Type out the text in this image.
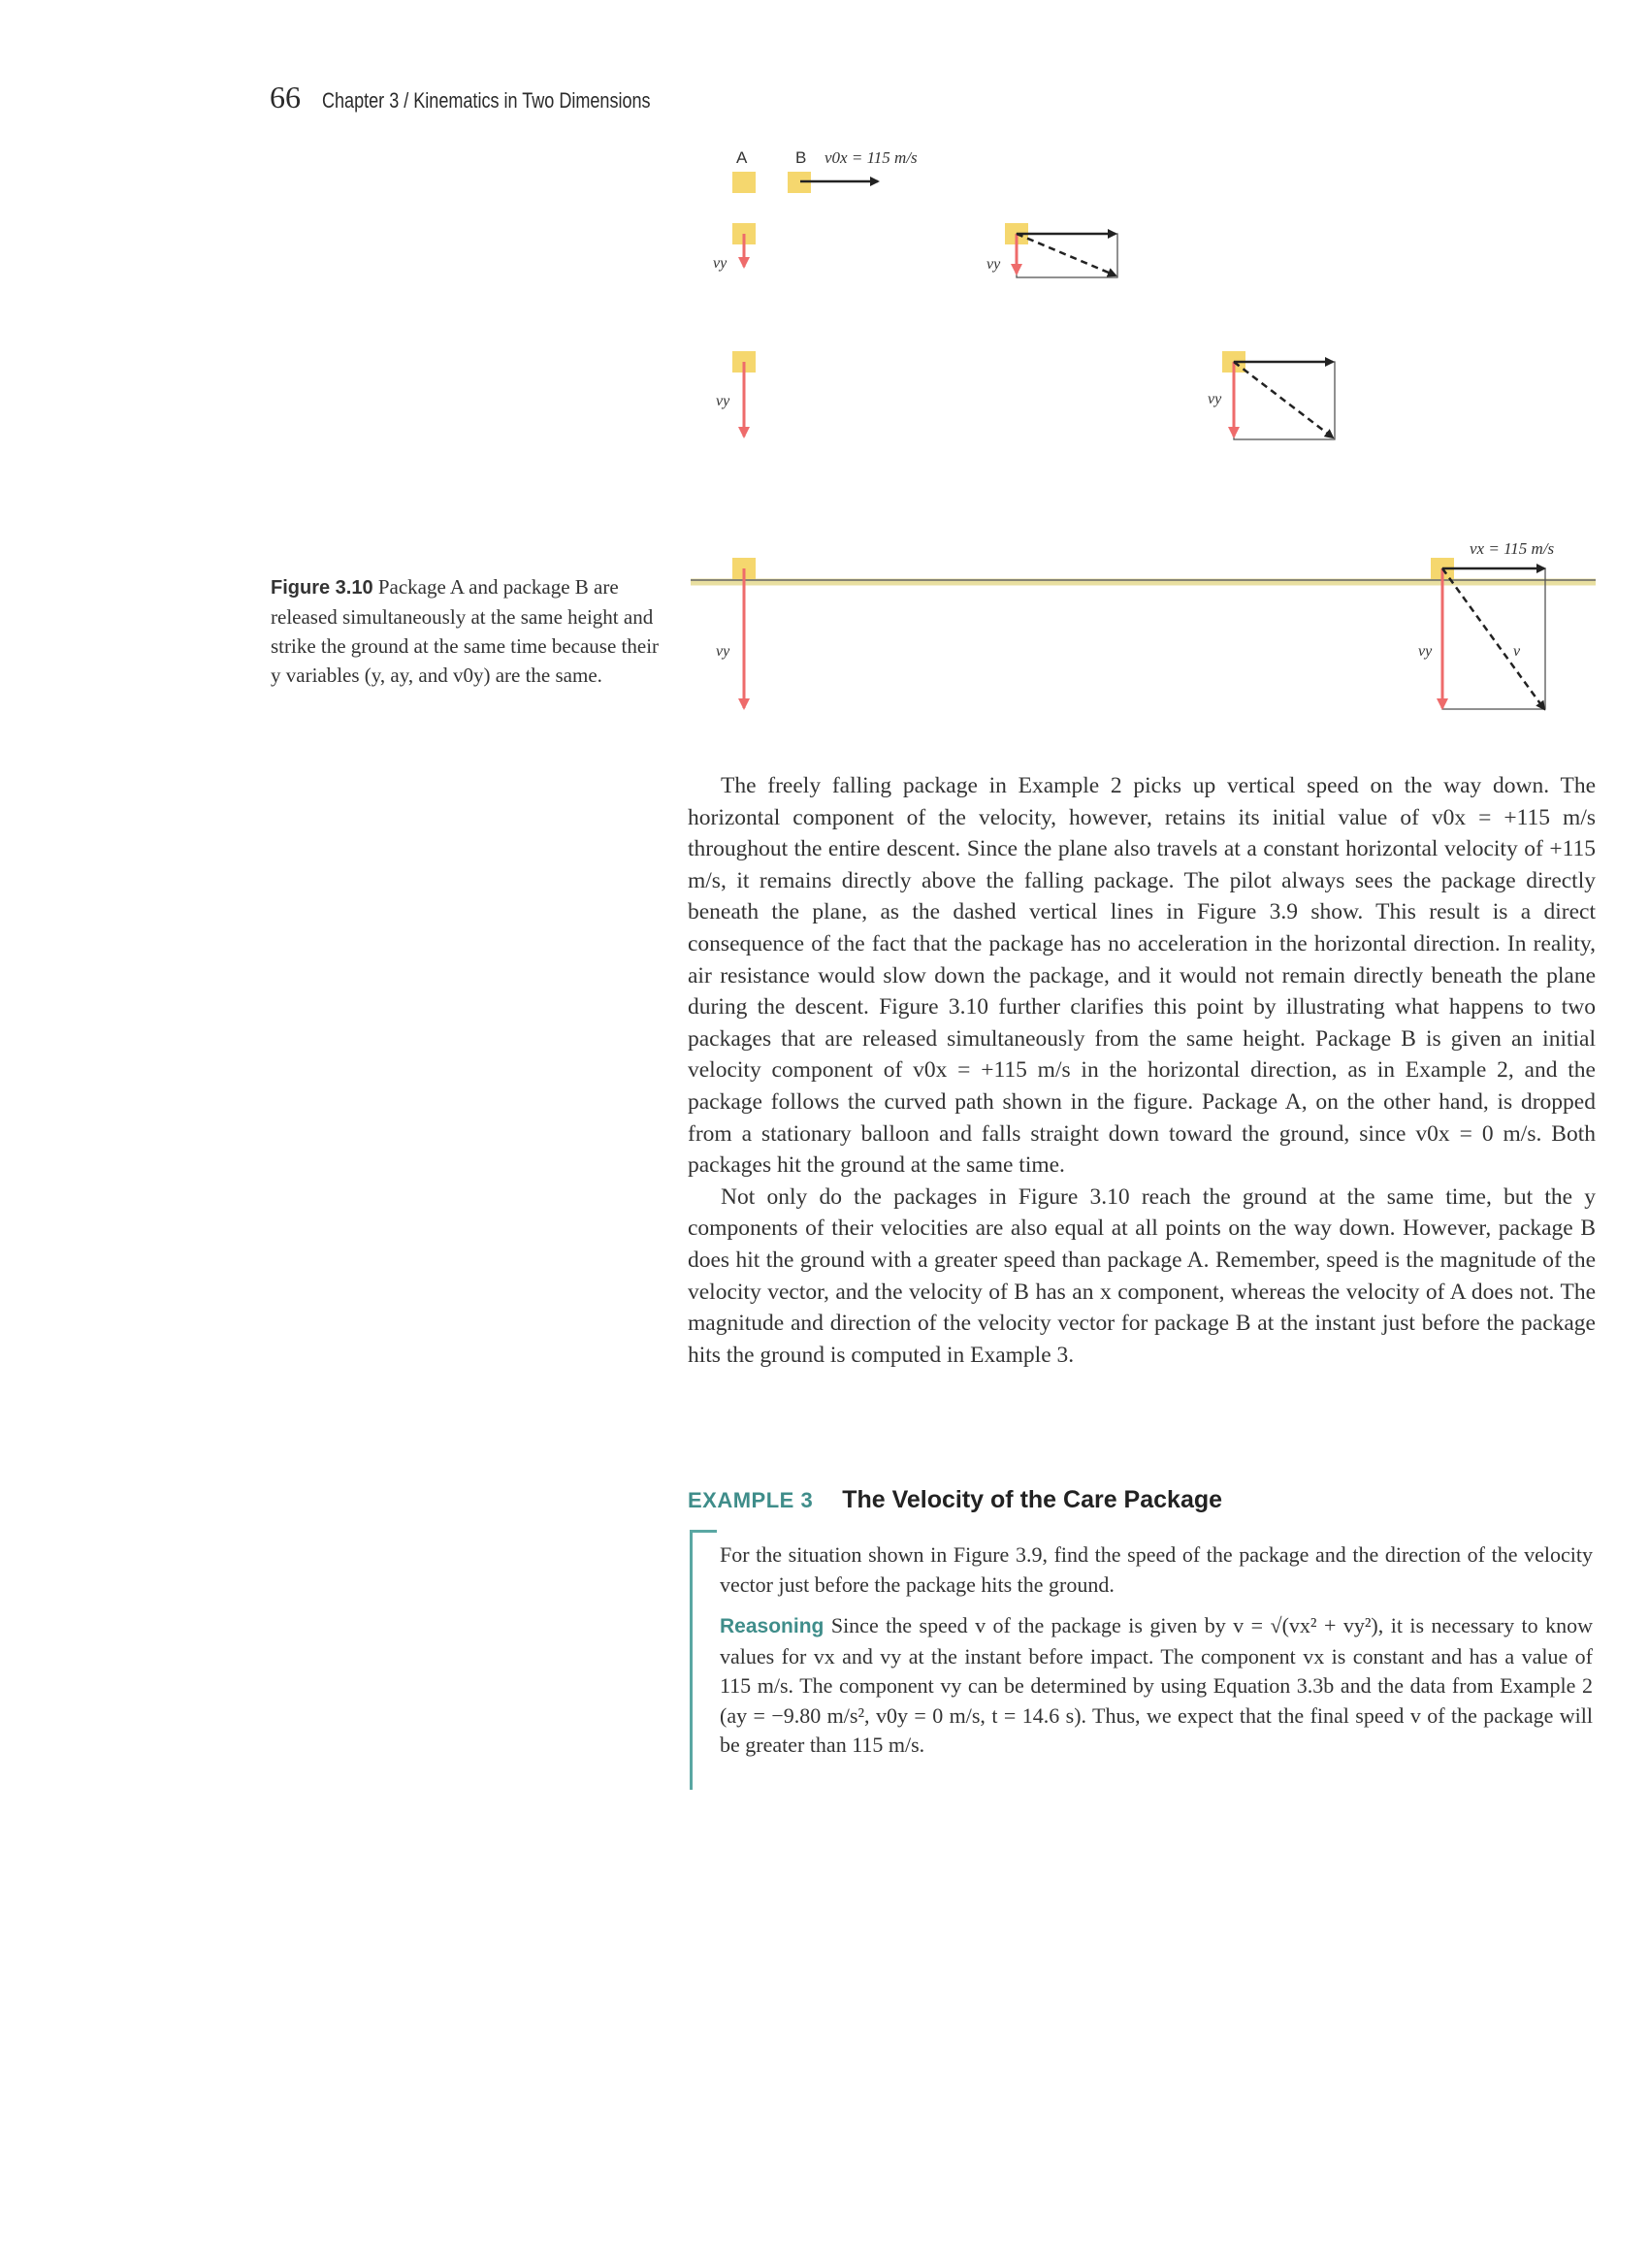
66 Chapter 3 / Kinematics in Two Dimensions
A	B v0x = 115 m/s
vy
vy
vy
vy
vy
vx = 115 m/s
vy	v
Figure 3.10 Package A and package B are released simultaneously at the same height and strike the ground at the same time because their y variables (y, ay, and v0y) are the same.

The freely falling package in Example 2 picks up vertical speed on the way down. The horizontal component of the velocity, however, retains its initial value of v0x = +115 m/s throughout the entire descent. Since the plane also travels at a constant horizontal velocity of +115 m/s, it remains directly above the falling package. The pilot always sees the package directly beneath the plane, as the dashed vertical lines in Figure 3.9 show. This result is a direct consequence of the fact that the package has no acceleration in the horizontal direction. In reality, air resistance would slow down the package, and it would not remain directly beneath the plane during the descent. Figure 3.10 further clarifies this point by illustrating what happens to two packages that are released simultaneously from the same height. Package B is given an initial velocity component of v0x = +115 m/s in the horizontal direction, as in Example 2, and the package follows the curved path shown in the figure. Package A, on the other hand, is dropped from a stationary balloon and falls straight down toward the ground, since v0x = 0 m/s. Both packages hit the ground at the same time.

Not only do the packages in Figure 3.10 reach the ground at the same time, but the y components of their velocities are also equal at all points on the way down. However, package B does hit the ground with a greater speed than package A. Remember, speed is the magnitude of the velocity vector, and the velocity of B has an x component, whereas the velocity of A does not. The magnitude and direction of the velocity vector for package B at the instant just before the package hits the ground is computed in Example 3.

EXAMPLE 3 The Velocity of the Care Package

For the situation shown in Figure 3.9, find the speed of the package and the direction of the velocity vector just before the package hits the ground.

Reasoning Since the speed v of the package is given by v = √(vx² + vy²), it is necessary to know values for vx and vy at the instant before impact. The component vx is constant and has a value of 115 m/s. The component vy can be determined by using Equation 3.3b and the data from Example 2 (ay = −9.80 m/s², v0y = 0 m/s, t = 14.6 s). Thus, we expect that the final speed v of the package will be greater than 115 m/s.
